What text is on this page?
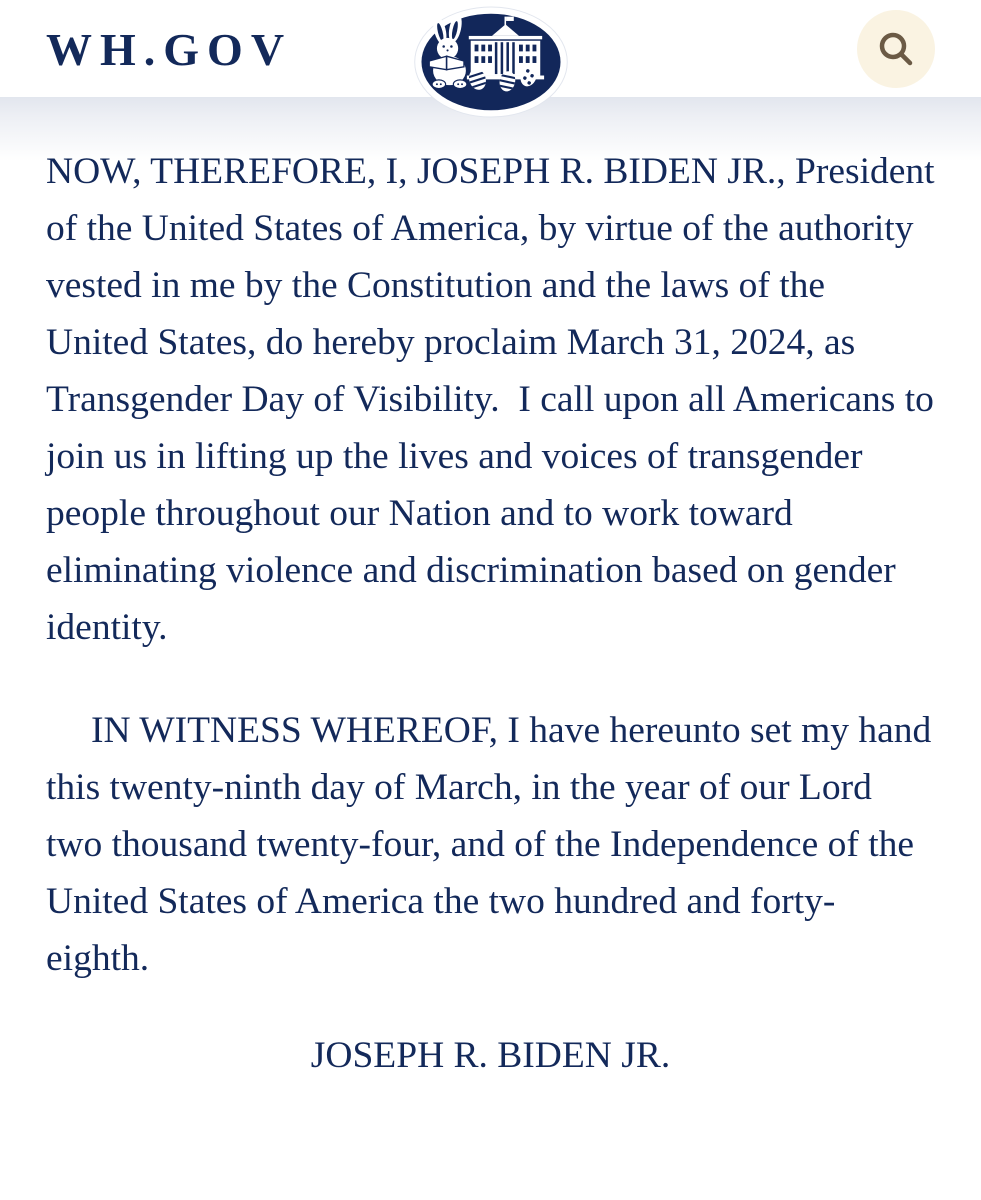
WH.GOV

NOW, THEREFORE, I, JOSEPH R. BIDEN JR., President of the United States of America, by virtue of the authority vested in me by the Constitution and the laws of the United States, do hereby proclaim March 31, 2024, as Transgender Day of Visibility.  I call upon all Americans to join us in lifting up the lives and voices of transgender people throughout our Nation and to work toward eliminating violence and discrimination based on gender identity.

IN WITNESS WHEREOF, I have hereunto set my hand this twenty-ninth day of March, in the year of our Lord two thousand twenty-four, and of the Independence of the United States of America the two hundred and forty-eighth.

JOSEPH R. BIDEN JR.
